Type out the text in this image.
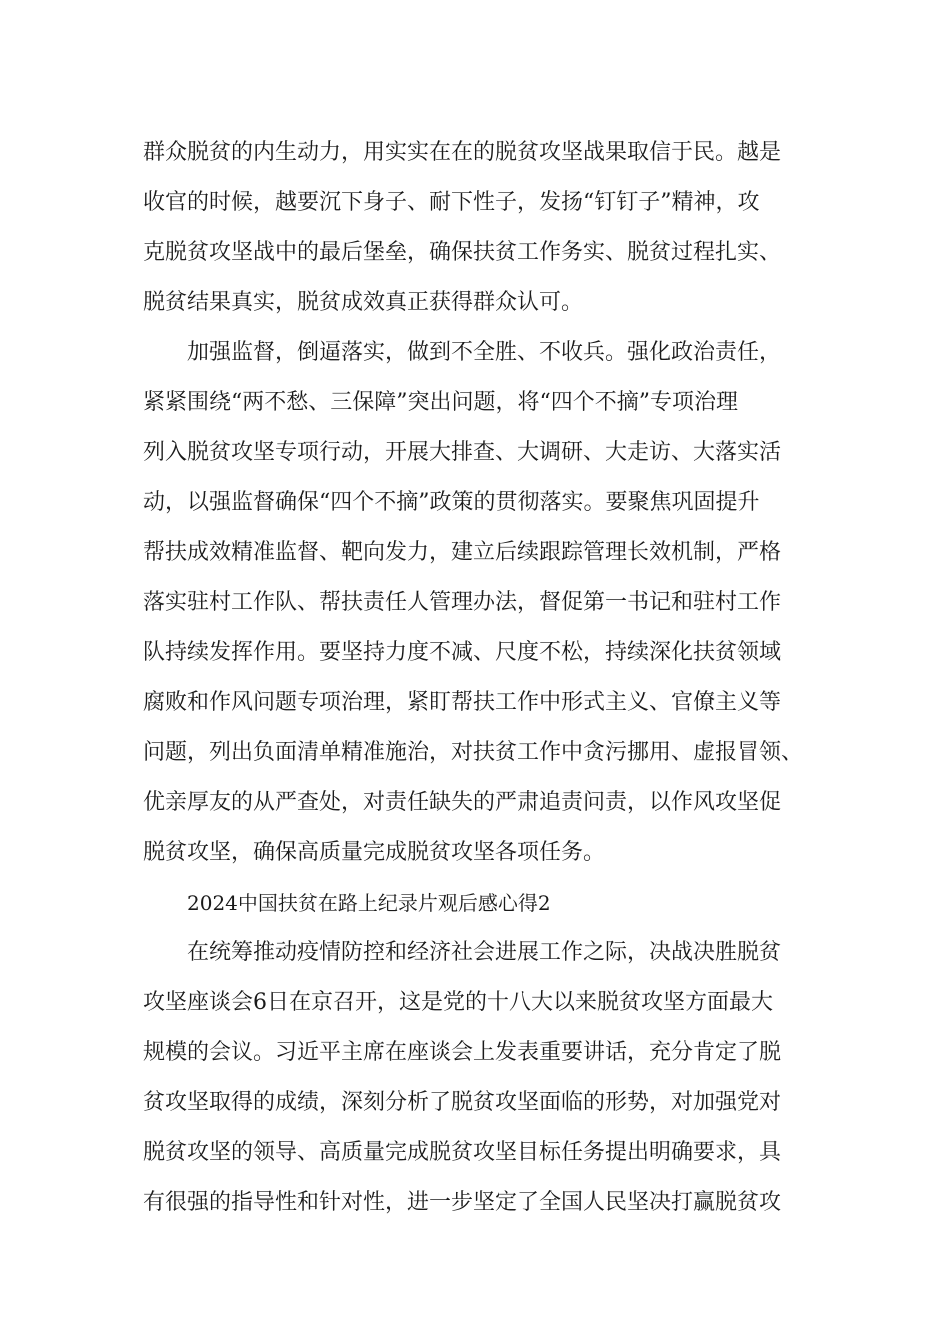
群众脱贫的内生动力，用实实在在的脱贫攻坚战果取信于民。越是
收官的时候，越要沉下身子、耐下性子，发扬“钉钉子”精神，攻
克脱贫攻坚战中的最后堡垒，确保扶贫工作务实、脱贫过程扎实、
脱贫结果真实，脱贫成效真正获得群众认可。
加强监督，倒逼落实，做到不全胜、不收兵。强化政治责任，
紧紧围绕“两不愁、三保障”突出问题，将“四个不摘”专项治理
列入脱贫攻坚专项行动，开展大排查、大调研、大走访、大落实活
动，以强监督确保“四个不摘”政策的贯彻落实。要聚焦巩固提升
帮扶成效精准监督、靶向发力，建立后续跟踪管理长效机制，严格
落实驻村工作队、帮扶责任人管理办法，督促第一书记和驻村工作
队持续发挥作用。要坚持力度不减、尺度不松，持续深化扶贫领域
腐败和作风问题专项治理，紧盯帮扶工作中形式主义、官僚主义等
问题，列出负面清单精准施治，对扶贫工作中贪污挪用、虚报冒领、
优亲厚友的从严查处，对责任缺失的严肃追责问责，以作风攻坚促
脱贫攻坚，确保高质量完成脱贫攻坚各项任务。
2024中国扶贫在路上纪录片观后感心得2
在统筹推动疫情防控和经济社会进展工作之际，决战决胜脱贫
攻坚座谈会6日在京召开，这是党的十八大以来脱贫攻坚方面最大
规模的会议。习近平主席在座谈会上发表重要讲话，充分肯定了脱
贫攻坚取得的成绩，深刻分析了脱贫攻坚面临的形势，对加强党对
脱贫攻坚的领导、高质量完成脱贫攻坚目标任务提出明确要求，具
有很强的指导性和针对性，进一步坚定了全国人民坚决打赢脱贫攻
